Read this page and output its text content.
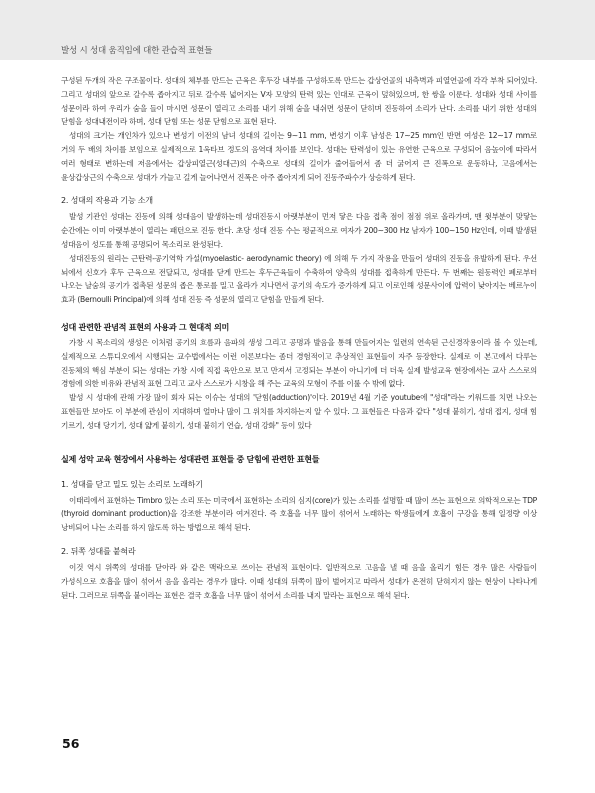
발성 시 성대 움직임에 대한 관습적 표현들

구성된 두개의 작은 구조물이다. 성대의 체부를 만드는 근육은 후두강 내부를 구성하도록 만드는 갑상연골의 내측벽과 피열연골에 각각 부착 되어있다. 그리고 성대의 앞으로 갈수록 좁아지고 뒤로 갈수록 넓어지는 V자 모양의 탄력 있는 인대로 근육이 덮혀있으며, 한 쌍을 이룬다. 성대와 성대 사이를 성문이라 하여 우리가 숨을 들이 마시면 성문이 열리고 소리를 내기 위해 숨을 내쉬면 성문이 닫히며 진동하여 소리가 난다. 소리를 내기 위한 성대의 닫힘을 성대내전이라 하며, 성대 닫힘 또는 성문 닫힘으로 표현 된다.

성대의 크기는 개인차가 있으나 변성기 이전의 남녀 성대의 길이는 9~11 mm, 변성기 이후 남성은 17~25 mm인 반면 여성은 12~17 mm로 거의 두 배의 차이를 보임으로 실제적으로 1옥타브 정도의 음역대 차이를 보인다. 성대는 탄력성이 있는 유연한 근육으로 구성되어 음높이에 따라서 여러 형태로 변하는데 저음에서는 갑상피열근(성대근)의 수축으로 성대의 길이가 줄어들어서 좀 더 굵어져 큰 진폭으로 운동하나, 고음에서는 윤상갑상근의 수축으로 성대가 가늘고 길게 늘어나면서 진폭은 아주 좁아지게 되어 진동주파수가 상승하게 된다.

2. 성대의 작용과 기능 소개

발성 기관인 성대는 진동에 의해 성대음이 발생하는데 성대진동시 아랫부분이 먼저 닿은 다음 접촉 점이 점점 위로 올라가며, 맨 윗부분이 맞닿는 순간에는 이미 아랫부분이 열리는 패턴으로 진동 한다. 초당 성대 진동 수는 평균적으로 여자가 200~300 Hz 남자가 100~150 Hz인데, 이때 발생된 성대음이 성도를 통해 공명되어 목소리로 완성된다.

성대진동의 원리는 근탄력-공기역학 가설(myoelastic- aerodynamic theory) 에 의해 두 가지 작용을 만들어 성대의 진동을 유발하게 된다. 우선 뇌에서 신호가 후두 근육으로 전달되고, 성대를 닫게 만드는 후두근육들이 수축하여 양측의 성대를 접촉하게 만든다. 두 번째는 원동력인 폐로부터 나오는 날숨의 공기가 접촉된 성문의 좁은 통로를 밀고 올라가 지나면서 공기의 속도가 증가하게 되고 이로인해 성문사이에 압력이 낮아지는 베르누이 효과 (Bernoulli Principal)에 의해 성대 진동 즉 성문의 열리고 닫힘을 만들게 된다.

성대 관련한 관념적 표현의 사용과 그 현대적 의미

가창 시 목소리의 생성은 이처럼 공기의 흐름과 음파의 생성 그리고 공명과 발음을 통해 만들어지는 일련의 연속된 근신경작용이라 볼 수 있는데, 실제적으로 스튜디오에서 시행되는 교수법에서는 이런 이론보다는 좀더 경험적이고 추상적인 표현들이 자주 등장한다. 실제로 이 본고에서 다루는 진동체의 핵심 부분이 되는 성대는 가창 시에 직접 육안으로 보고 만져서 고정되는 부분이 아니기에 더 더욱 실제 발성교육 현장에서는 교사 스스로의 경험에 의한 비유와 관념적 표현 그리고 교사 스스로가 시창을 해 주는 교육의 모형이 주를 이룰 수 밖에 없다.

발성 시 성대에 관해 가장 많이 회자 되는 이슈는 성대의 '닫힘(adduction)'이다. 2019년 4월 기준 youtube에 "성대"라는 키워드를 치면 나오는 표현들만 보아도 이 부분에 관심이 지대하며 얼마나 많이 그 위치를 차지하는지 알 수 있다. 그 표현들은 다음과 같다 "성대 붙히기, 성대 접지, 성대 힘 기르기, 성대 당기기, 성대 얇게 붙히기, 성대 붙히기 연습, 성대 강화" 등이 있다

실제 성악 교육 현장에서 사용하는 성대관련 표현들 중 닫힘에 관련한 표현들
1. 성대를 닫고 밀도 있는 소리로 노래하기

이태리에서 표현하는 Timbro 있는 소리 또는 미국에서 표현하는 소리의 심지(core)가 있는 소리를 설명할 때 많이 쓰는 표현으로 의학적으로는 TDP (thyroid dominant production)을 강조한 부분이라 여겨진다. 즉 호흡을 너무 많이 섞어서 노래하는 학생들에게 호흡이 구강을 통해 일정량 이상 낭비되어 나는 소리를 하지 않도록 하는 방법으로 해석 된다.

2. 뒤쪽 성대를 붙혀라

이것 역시 위쪽의 성대를 닫아라 와 같은 맥락으로 쓰이는 관념적 표현이다. 일반적으로 고음을 낼 때 음을 올리기 힘든 경우 많은 사람들이 가성식으로 호흡을 많이 섞어서 음을 올리는 경우가 많다. 이때 성대의 뒤쪽이 많이 벌어지고 따라서 성대가 온전히 닫혀지지 않는 현상이 나타나게 된다. 그러므로 뒤쪽을 붙이라는 표현은 결국 호흡을 너무 많이 섞어서 소리를 내지 말라는 표현으로 해석 된다.

56
